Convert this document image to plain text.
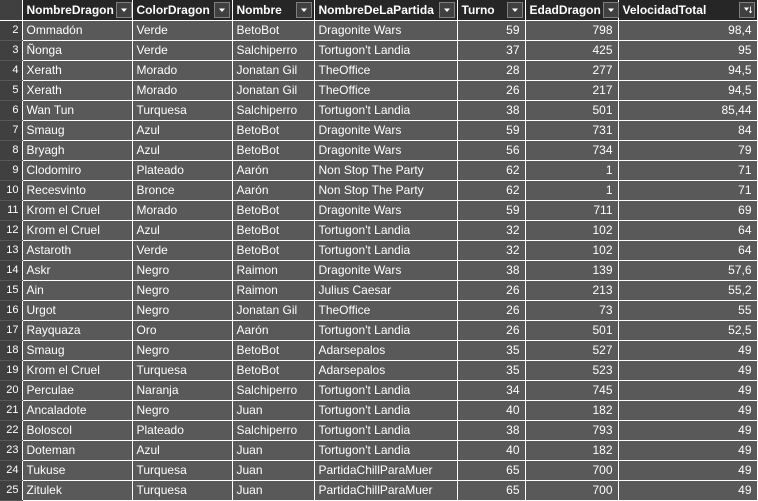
	NombreDragon	ColorDragon	Nombre	NombreDeLaPartida	Turno	EdadDragon	VelocidadTotal

2	Ommadón	Verde	BetoBot	Dragonite Wars	59	798	98,4
3	Ñonga	Verde	Salchiperro	Tortugon't Landia	37	425	95
4	Xerath	Morado	Jonatan Gil	TheOffice	28	277	94,5
5	Xerath	Morado	Jonatan Gil	TheOffice	26	217	94,5
6	Wan Tun	Turquesa	Salchiperro	Tortugon't Landia	38	501	85,44
7	Smaug	Azul	BetoBot	Dragonite Wars	59	731	84
8	Bryagh	Azul	BetoBot	Dragonite Wars	56	734	79
9	Clodomiro	Plateado	Aarón	Non Stop The Party	62	1	71
10	Recesvinto	Bronce	Aarón	Non Stop The Party	62	1	71
11	Krom el Cruel	Morado	BetoBot	Dragonite Wars	59	711	69
12	Krom el Cruel	Azul	BetoBot	Tortugon't Landia	32	102	64
13	Astaroth	Verde	BetoBot	Tortugon't Landia	32	102	64
14	Askr	Negro	Raimon	Dragonite Wars	38	139	57,6
15	Ain	Negro	Raimon	Julius Caesar	26	213	55,2
16	Urgot	Negro	Jonatan Gil	TheOffice	26	73	55
17	Rayquaza	Oro	Aarón	Tortugon't Landia	26	501	52,5
18	Smaug	Negro	BetoBot	Adarsepalos	35	527	49
19	Krom el Cruel	Turquesa	BetoBot	Adarsepalos	35	523	49
20	Perculae	Naranja	Salchiperro	Tortugon't Landia	34	745	49
21	Ancaladote	Negro	Juan	Tortugon't Landia	40	182	49
22	Boloscol	Plateado	Salchiperro	Tortugon't Landia	38	793	49
23	Doteman	Azul	Juan	Tortugon't Landia	40	182	49
24	Tukuse	Turquesa	Juan	PartidaChillParaMuer	65	700	49
25	Zitulek	Turquesa	Juan	PartidaChillParaMuer	65	700	49
